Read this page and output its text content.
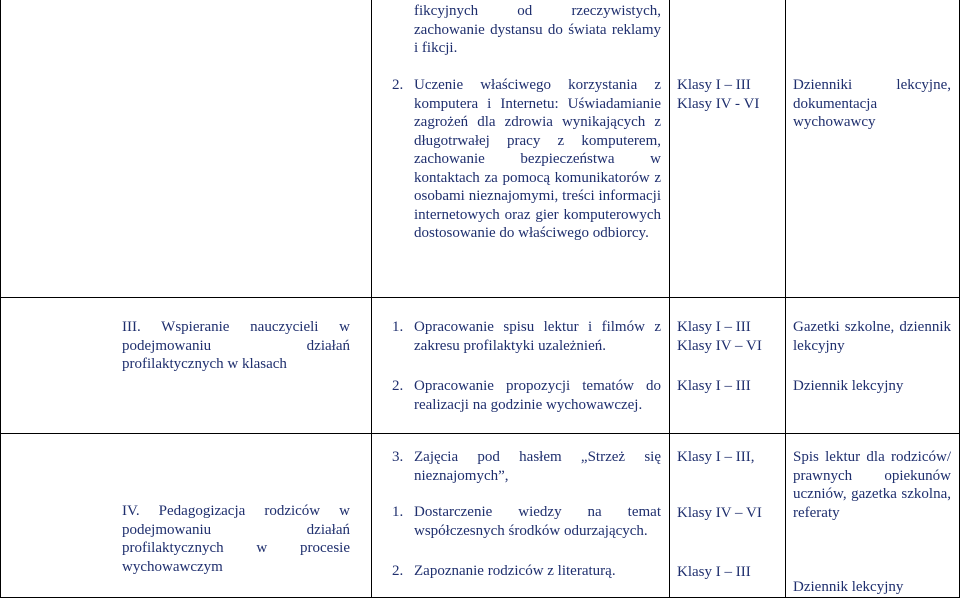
fikcyjnych od rzeczywistych, zachowanie dystansu do świata reklamy i fikcji.

2. Uczenie właściwego korzystania z komputera i Internetu: Uświadamianie zagrożeń dla zdrowia wynikających z długotrwałej pracy z komputerem, zachowanie bezpieczeństwa w kontaktach za pomocą komunikatorów z osobami nieznajomymi, treści informacji internetowych oraz gier komputerowych dostosowanie do właściwego odbiorcy.

Klasy I – III
Klasy IV - VI

Dzienniki lekcyjne, dokumentacja wychowawcy

III. Wspieranie nauczycieli w podejmowaniu działań profilaktycznych w klasach

1. Opracowanie spisu lektur i filmów z zakresu profilaktyki uzależnień.

2. Opracowanie propozycji tematów do realizacji na godzinie wychowawczej.

Klasy I – III
Klasy IV – VI
Klasy I – III

Gazetki szkolne, dziennik lekcyjny

Dziennik lekcyjny

IV. Pedagogizacja rodziców w podejmowaniu działań profilaktycznych w procesie wychowawczym

3. Zajęcia pod hasłem „Strzeż się nieznajomych”,

1. Dostarczenie wiedzy na temat współczesnych środków odurzających.

2. Zapoznanie rodziców z literaturą.

Klasy I – III,
Klasy IV – VI
Klasy I – III

Spis lektur dla rodziców/ prawnych opiekunów uczniów, gazetka szkolna, referaty

Dziennik lekcyjny
